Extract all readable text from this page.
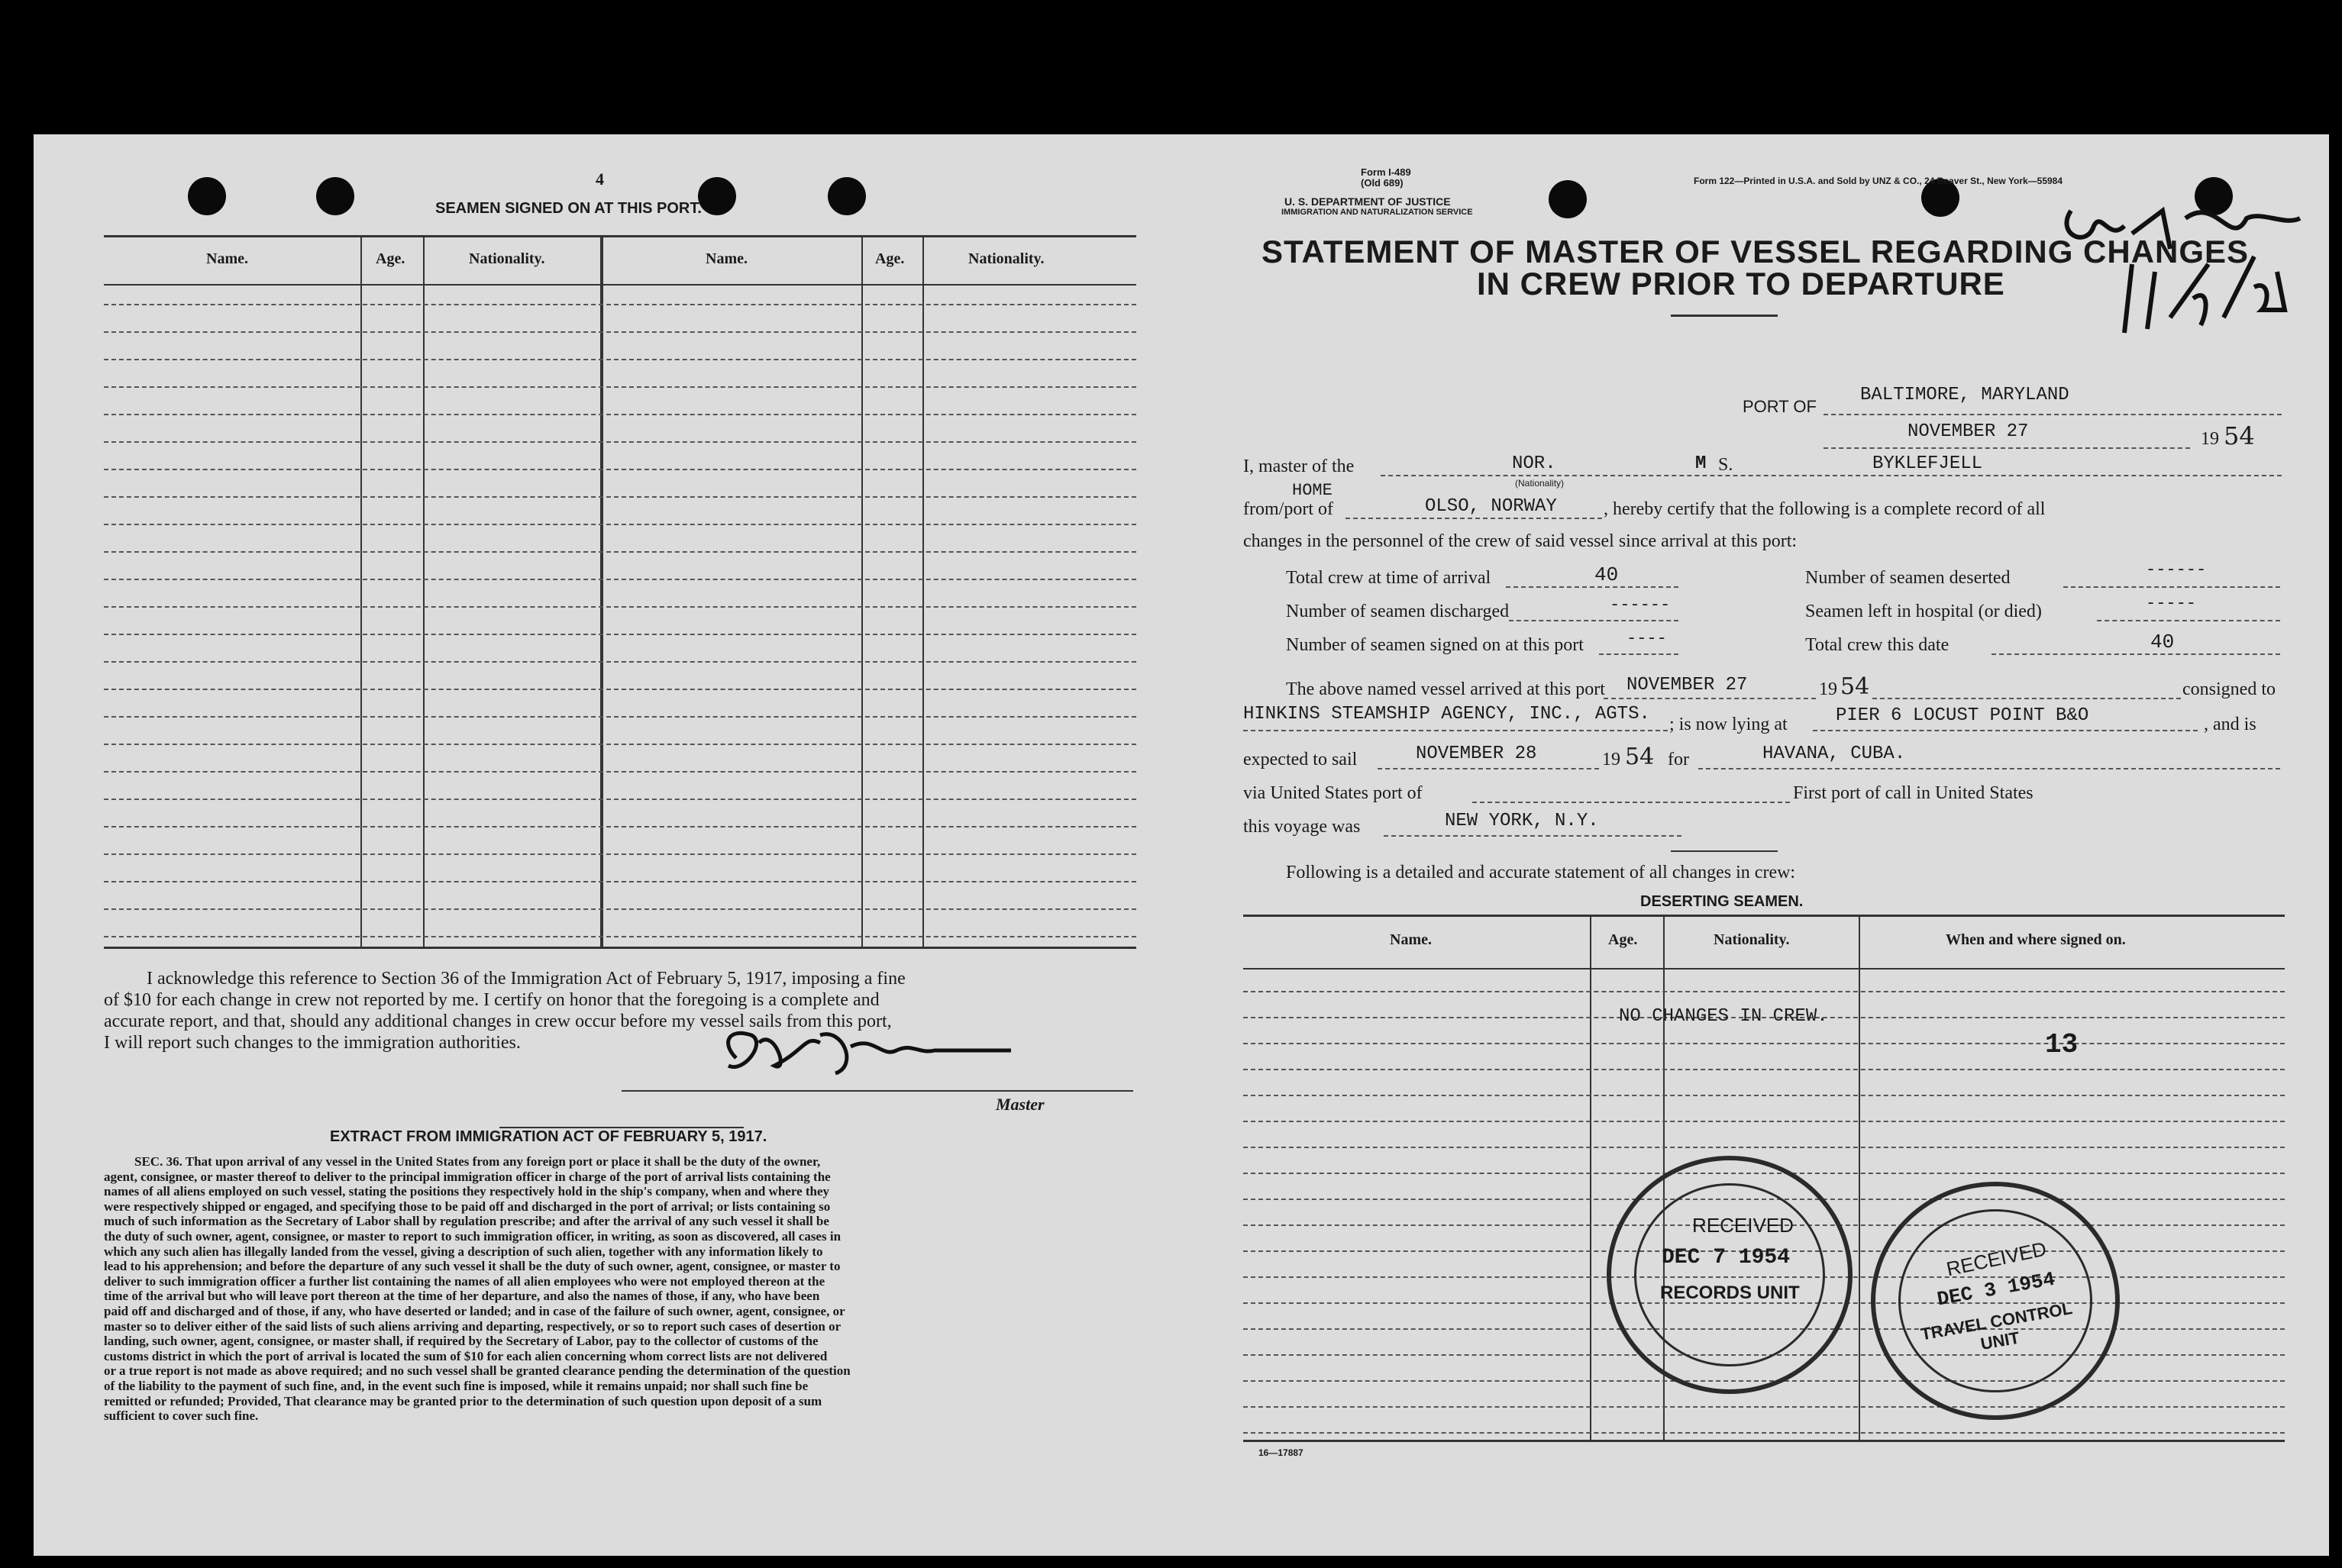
4
SEAMEN SIGNED ON AT THIS PORT.
Name.	Age.	Nationality.	Name.	Age.	Nationality.
I acknowledge this reference to Section 36 of the Immigration Act of February 5, 1917, imposing a fine
of $10 for each change in crew not reported by me. I certify on honor that the foregoing is a complete and
accurate report, and that, should any additional changes in crew occur before my vessel sails from this port,
I will report such changes to the immigration authorities.
Master
EXTRACT FROM IMMIGRATION ACT OF FEBRUARY 5, 1917.
SEC. 36. That upon arrival of any vessel in the United States from any foreign port or place it shall be the duty of the owner,
agent, consignee, or master thereof to deliver to the principal immigration officer in charge of the port of arrival lists containing the
names of all aliens employed on such vessel, stating the positions they respectively hold in the ship's company, when and where they
were respectively shipped or engaged, and specifying those to be paid off and discharged in the port of arrival; or lists containing so
much of such information as the Secretary of Labor shall by regulation prescribe; and after the arrival of any such vessel it shall be
the duty of such owner, agent, consignee, or master to report to such immigration officer, in writing, as soon as discovered, all cases in
which any such alien has illegally landed from the vessel, giving a description of such alien, together with any information likely to
lead to his apprehension; and before the departure of any such vessel it shall be the duty of such owner, agent, consignee, or master to
deliver to such immigration officer a further list containing the names of all alien employees who were not employed thereon at the
time of the arrival but who will leave port thereon at the time of her departure, and also the names of those, if any, who have been
paid off and discharged and of those, if any, who have deserted or landed; and in case of the failure of such owner, agent, consignee, or
master so to deliver either of the said lists of such aliens arriving and departing, respectively, or so to report such cases of desertion or
landing, such owner, agent, consignee, or master shall, if required by the Secretary of Labor, pay to the collector of customs of the
customs district in which the port of arrival is located the sum of $10 for each alien concerning whom correct lists are not delivered
or a true report is not made as above required; and no such vessel shall be granted clearance pending the determination of the question
of the liability to the payment of such fine, and, in the event such fine is imposed, while it remains unpaid; nor shall such fine be
remitted or refunded; Provided, That clearance may be granted prior to the determination of such question upon deposit of a sum
sufficient to cover such fine.
Form I-489
(Old 689)
U. S. DEPARTMENT OF JUSTICE
IMMIGRATION AND NATURALIZATION SERVICE
Form 122—Printed in U.S.A. and Sold by UNZ & CO., 24 Beaver St., New York—55984
STATEMENT OF MASTER OF VESSEL REGARDING CHANGES
IN CREW PRIOR TO DEPARTURE
PORT OF
BALTIMORE, MARYLAND
NOVEMBER 27	19 54
I, master of the	NOR.
(Nationality)
M S.	BYKLEFJELL
HOME
from/port of	OLSO, NORWAY	, hereby certify that the following is a complete record of all
changes in the personnel of the crew of said vessel since arrival at this port:
Total crew at time of arrival	40
Number of seamen discharged	------
Number of seamen signed on at this port	----
Number of seamen deserted	------
Seamen left in hospital (or died)	-----
Total crew this date	40
The above named vessel arrived at this port NOVEMBER 27	19 54	consigned to
HINKINS STEAMSHIP AGENCY, INC., AGTS. ; is now lying at	PIER 6 LOCUST POINT B&O	, and is
expected to sail	NOVEMBER 28	19 54 for	HAVANA, CUBA.
via United States port of	First port of call in United States
this voyage was	NEW YORK, N.Y.
Following is a detailed and accurate statement of all changes in crew:
DESERTING SEAMEN.
Name.	Age.	Nationality.	When and where signed on.
NO CHANGES IN CREW.
13
RECEIVED
DEC 7 1954
RECORDS UNIT
RECEIVED
DEC 3 1954
TRAVEL CONTROL UNIT
16—17887
